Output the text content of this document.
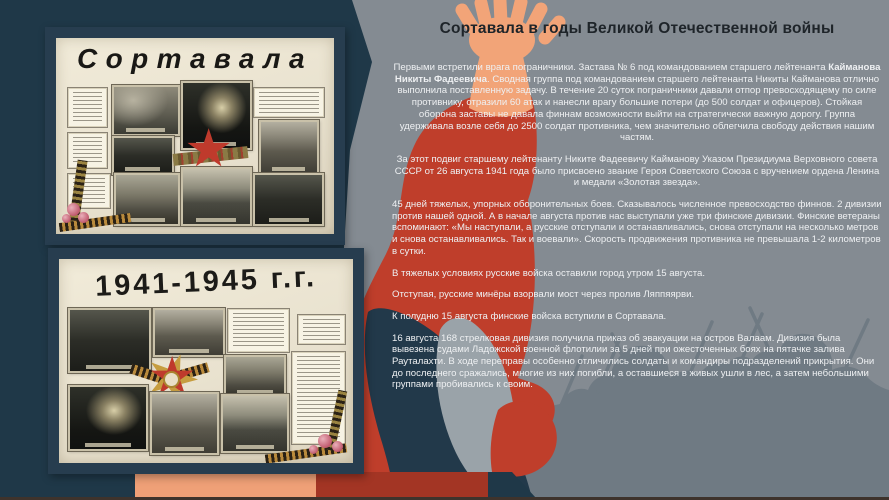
Сортавала
1941-1945 г.г.
Сортавала в годы Великой Отечественной войны

Первыми встретили врага пограничники. Застава № 6 под командованием старшего лейтенанта Кайманова Никиты Фадеевича. Сводная группа под командованием старшего лейтенанта Никиты Кайманова отлично выполнила поставленную задачу. В течение 20 суток пограничники давали отпор превосходящему по силе противнику, отразили 60 атак и нанесли врагу большие потери (до 500 солдат и офицеров). Стойкая оборона заставы не давала финнам возможности выйти на стратегически важную дорогу. Группа удерживала возле себя до 2500 солдат противника, чем значительно облегчила свободу действия нашим частям.

За этот подвиг старшему лейтенанту Никите Фадеевичу Кайманову Указом Президиума Верховного совета СССР от 26 августа 1941 года было присвоено звание Героя Советского Союза с вручением ордена Ленина и медали «Золотая звезда».

45 дней тяжелых, упорных оборонительных боев. Сказывалось численное превосходство финнов. 2 дивизии против нашей одной. А в начале августа против нас выступали уже три финские дивизии. Финские ветераны вспоминают: «Мы наступали, а русские отступали и останавливались, снова отступали на несколько метров и снова останавливались. Так и воевали». Скорость продвижения противника не превышала 1-2 километров в сутки.

В тяжелых условиях русские войска оставили город утром 15 августа.

Отступая, русские минёры взорвали мост через пролив Ляппяярви.

К полудню 15 августа финские войска вступили в Сортавала.

16 августа 168 стрелковая дивизия получила приказ об эвакуации на остров Валаам. Дивизия была вывезена судами Ладожской военной флотилии за 5 дней при ожесточенных боях на пятачке залива Рауталахти. В ходе переправы особенно отличились солдаты и командиры подразделений прикрытия. Они до последнего сражались, многие из них погибли, а оставшиеся в живых ушли в лес, а затем небольшими группами пробивались к своим.
